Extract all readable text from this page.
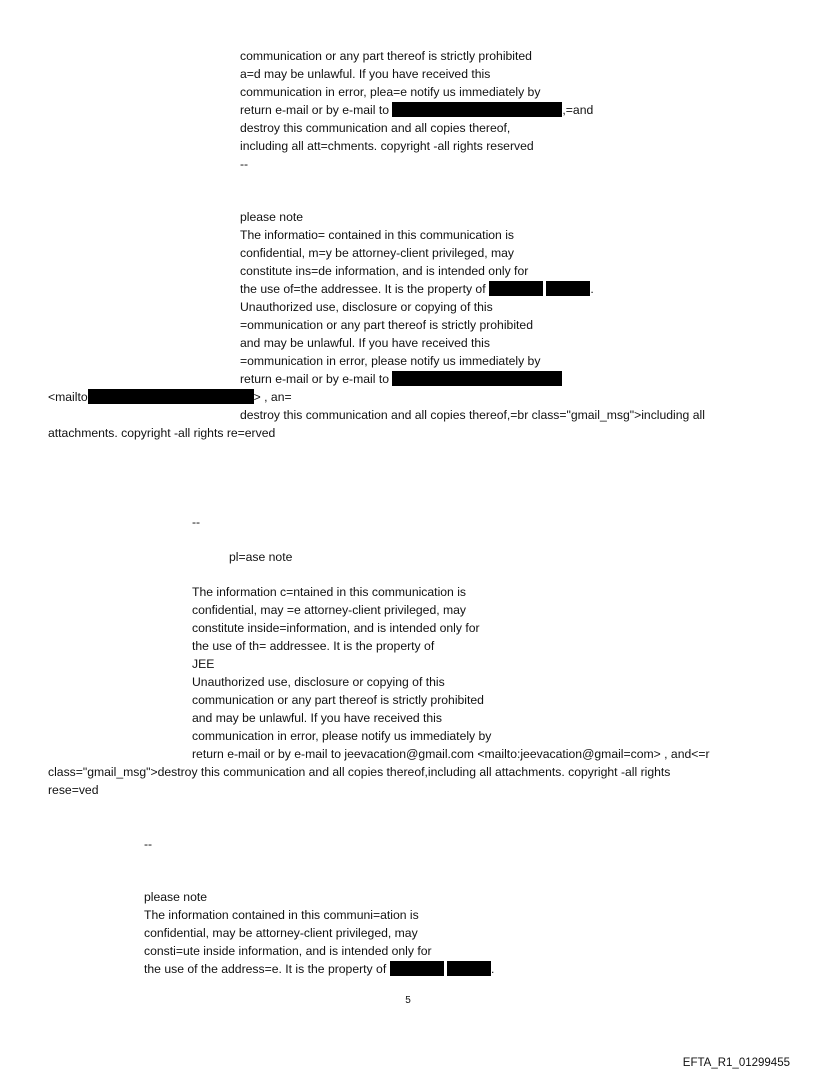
communication or any part thereof is strictly prohibited
a=d may be unlawful. If you have received this
communication in error, plea=e notify us immediately by
return e-mail or by e-mail to	,=and
destroy this communication and all copies thereof,
including all att=chments. copyright -all rights reserved
--
please note
The informatio= contained in this communication is
confidential, m=y be attorney-client privileged, may
constitute ins=de information, and is intended only for
the use of=the addressee. It is the property of	.
Unauthorized use, disclosure or copying of this
=ommunication or any part thereof is strictly prohibited
and may be unlawful. If you have received this
=ommunication in error, please notify us immediately by
return e-mail or by e-mail to
<mailto	> , an=
destroy this communication and all copies thereof,=br class="gmail_msg">including all
attachments. copyright -all rights re=erved
--
pl=ase note
The information c=ntained in this communication is
confidential, may =e attorney-client privileged, may
constitute inside=information, and is intended only for
the use of th= addressee. It is the property of
JEE
Unauthorized use, disclosure or copying of this
communication or any part thereof is strictly prohibited
and may be unlawful. If you have received this
communication in error, please notify us immediately by
return e-mail or by e-mail to jeevacation@gmail.com <mailto:jeevacation@gmail=com> , and<=r
class="gmail_msg">destroy this communication and all copies thereof,including all attachments. copyright -all rights
rese=ved
--
please note
The information contained in this communi=ation is
confidential, may be attorney-client privileged, may
consti=ute inside information, and is intended only for
the use of the address=e. It is the property of	.
5
EFTA_R1_01299455
